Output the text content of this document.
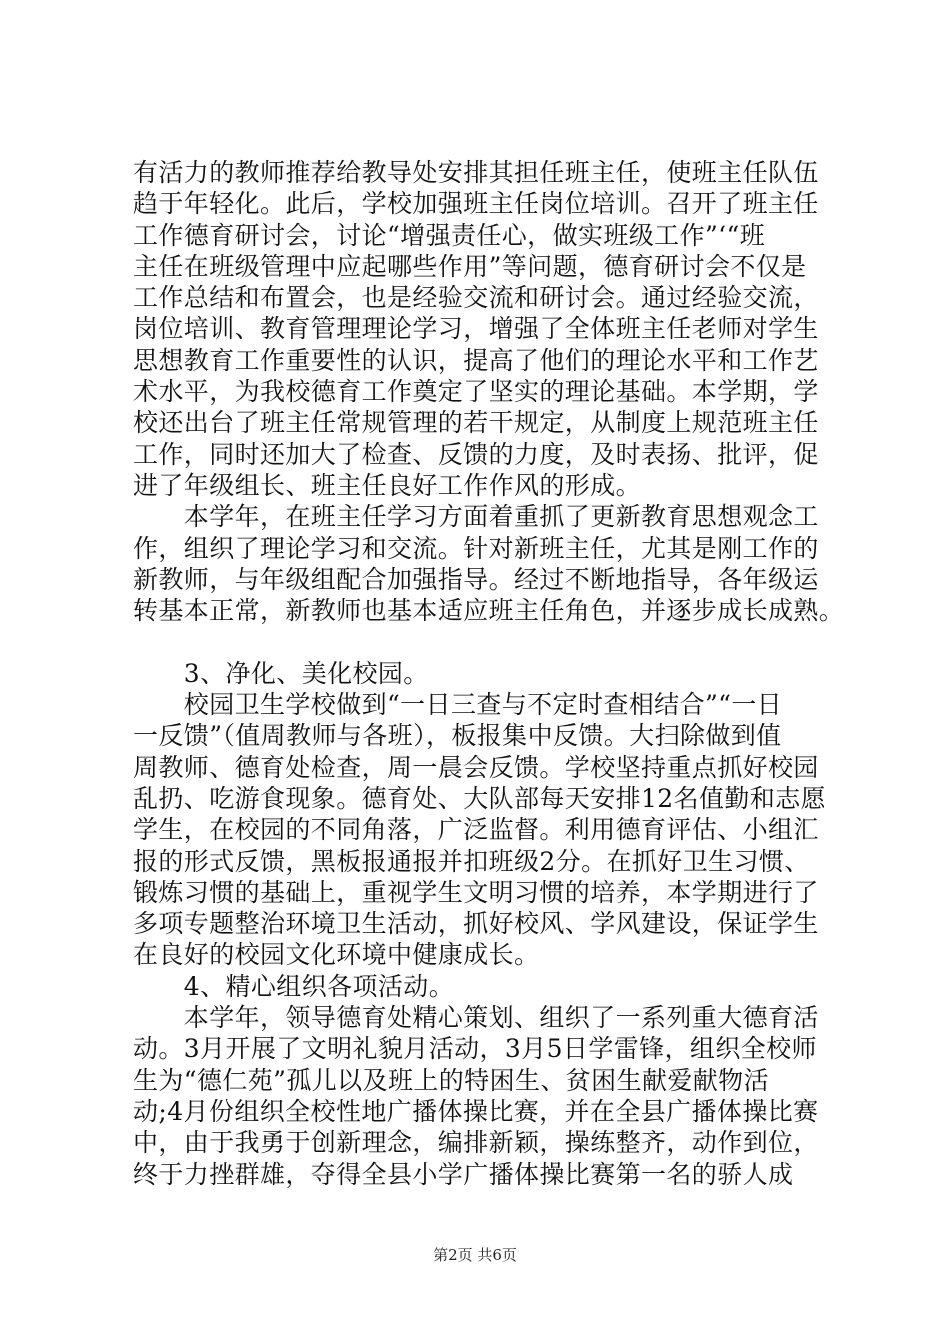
有活力的教师推荐给教导处安排其担任班主任，使班主任队伍
趋于年轻化。此后，学校加强班主任岗位培训。召开了班主任
工作德育研讨会，讨论“增强责任心，做实班级工作”‘“班
主任在班级管理中应起哪些作用”等问题，德育研讨会不仅是
工作总结和布置会，也是经验交流和研讨会。通过经验交流，
岗位培训、教育管理理论学习，增强了全体班主任老师对学生
思想教育工作重要性的认识，提高了他们的理论水平和工作艺
术水平，为我校德育工作奠定了坚实的理论基础。本学期，学
校还出台了班主任常规管理的若干规定，从制度上规范班主任
工作，同时还加大了检查、反馈的力度，及时表扬、批评，促
进了年级组长、班主任良好工作作风的形成。
　　本学年，在班主任学习方面着重抓了更新教育思想观念工
作，组织了理论学习和交流。针对新班主任，尤其是刚工作的
新教师，与年级组配合加强指导。经过不断地指导，各年级运
转基本正常，新教师也基本适应班主任角色，并逐步成长成熟。
　　3、净化、美化校园。
　　校园卫生学校做到“一日三查与不定时查相结合”“一日
一反馈”（值周教师与各班），板报集中反馈。大扫除做到值
周教师、德育处检查，周一晨会反馈。学校坚持重点抓好校园
乱扔、吃游食现象。德育处、大队部每天安排12名值勤和志愿
学生，在校园的不同角落，广泛监督。利用德育评估、小组汇
报的形式反馈，黑板报通报并扣班级2分。在抓好卫生习惯、
锻炼习惯的基础上，重视学生文明习惯的培养，本学期进行了
多项专题整治环境卫生活动，抓好校风、学风建设，保证学生
在良好的校园文化环境中健康成长。
　　4、精心组织各项活动。
　　本学年，领导德育处精心策划、组织了一系列重大德育活
动。3月开展了文明礼貌月活动，3月5日学雷锋，组织全校师
生为“德仁苑”孤儿以及班上的特困生、贫困生献爱献物活
动;4月份组织全校性地广播体操比赛，并在全县广播体操比赛
中，由于我勇于创新理念，编排新颖，操练整齐，动作到位，
终于力挫群雄，夺得全县小学广播体操比赛第一名的骄人成
第2页 共6页
